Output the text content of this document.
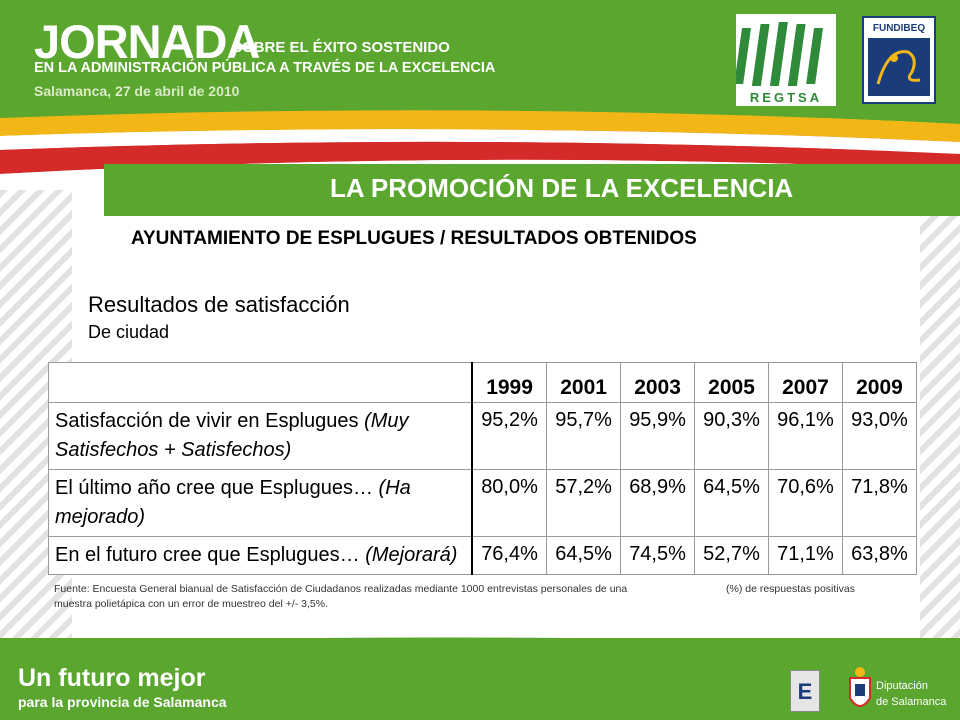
JORNADA
SOBRE EL ÉXITO SOSTENIDO
EN LA ADMINISTRACIÓN PÚBLICA A TRAVÉS DE LA EXCELENCIA
Salamanca, 27 de abril de 2010	REGTSA
FUNDIBEQ
LA PROMOCIÓN DE LA EXCELENCIA
AYUNTAMIENTO DE ESPLUGUES / RESULTADOS OBTENIDOS
Resultados de satisfacción
De ciudad
	1999	2001	2003	2005	2007	2009
Satisfacción de vivir en Esplugues (Muy Satisfechos + Satisfechos)	95,2%	95,7%	95,9%	90,3%	96,1%	93,0%
El último año cree que Esplugues… (Ha mejorado)	80,0%	57,2%	68,9%	64,5%	70,6%	71,8%
En el futuro cree que Esplugues… (Mejorará)	76,4%	64,5%	74,5%	52,7%	71,1%	63,8%
Fuente: Encuesta General bianual de Satisfacción de Ciudadanos realizadas mediante 1000 entrevistas personales de una muestra polietápica con un error de muestreo del +/- 3,5%.
(%) de respuestas positivas
Un futuro mejor
para la provincia de Salamanca	E	Diputación
de Salamanca
